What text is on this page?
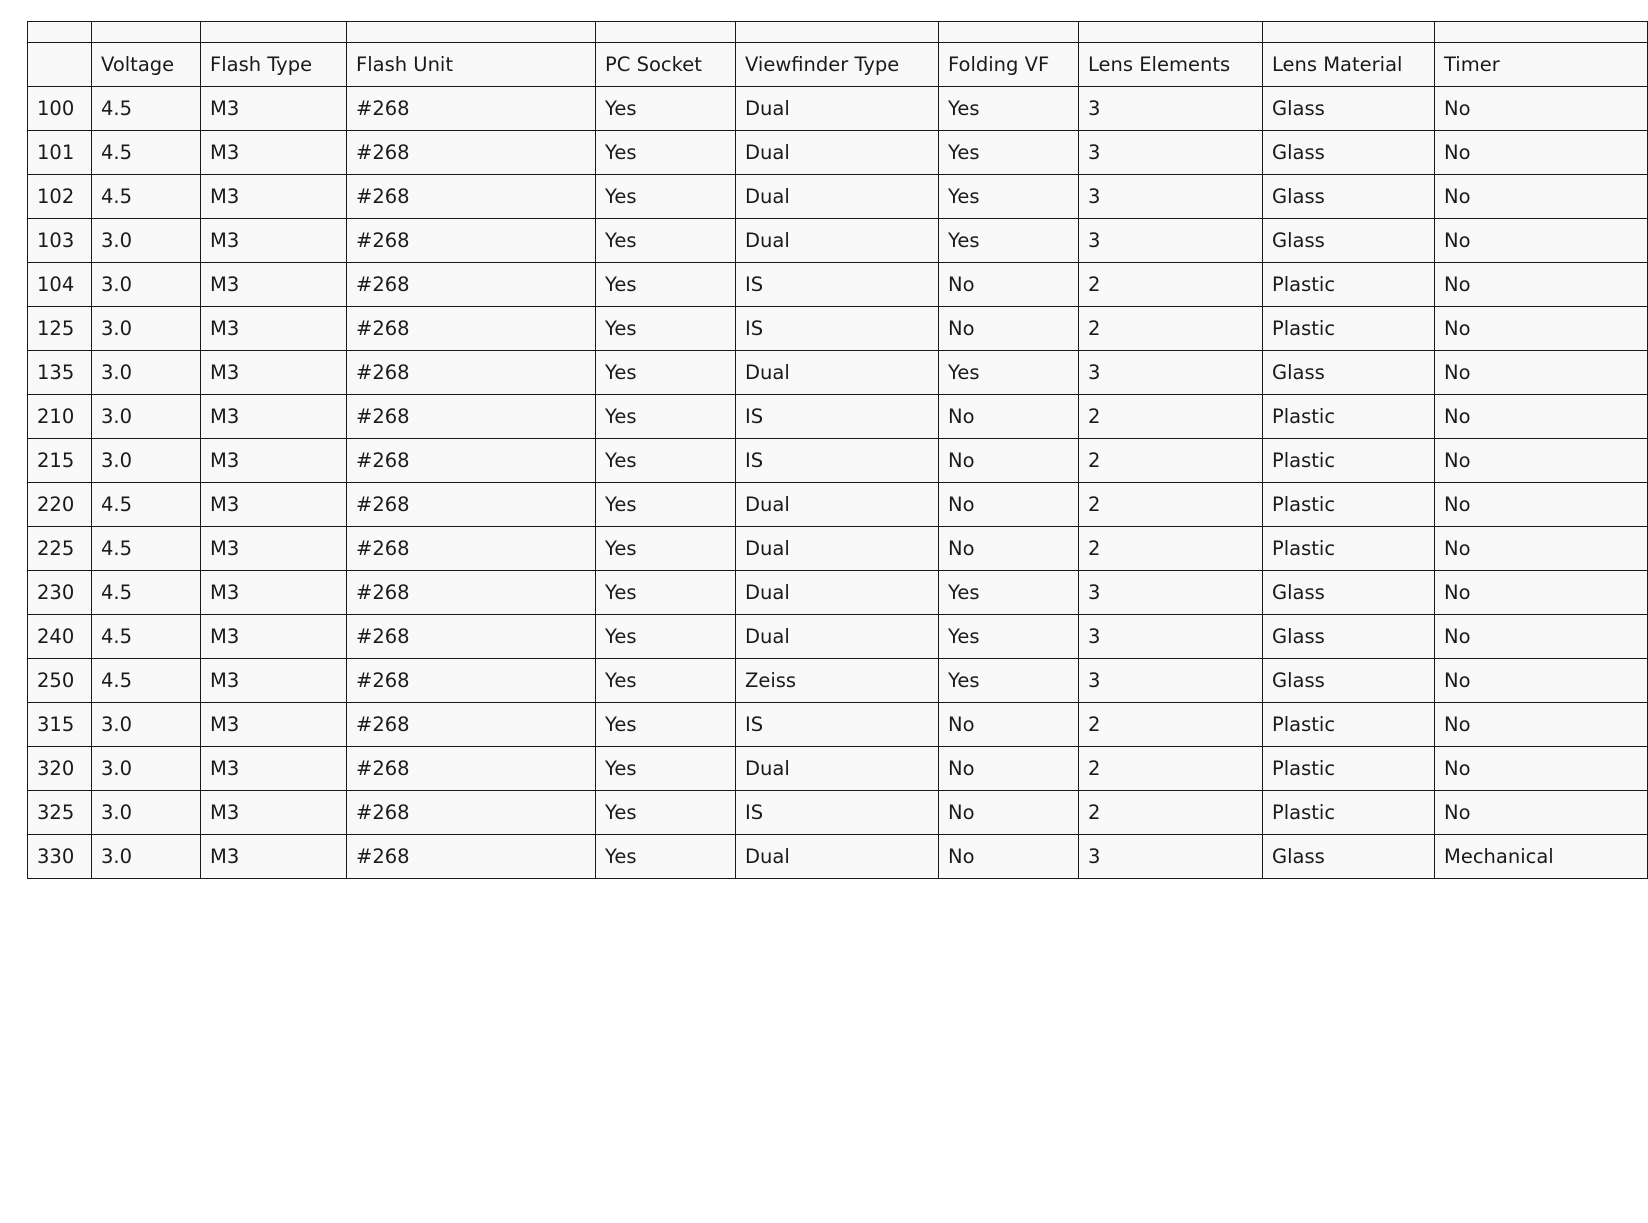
	Voltage	Flash Type	Flash Unit	PC Socket	Viewfinder Type	Folding VF	Lens Elements	Lens Material	Timer
100	4.5	M3	#268	Yes	Dual	Yes	3	Glass	No
101	4.5	M3	#268	Yes	Dual	Yes	3	Glass	No
102	4.5	M3	#268	Yes	Dual	Yes	3	Glass	No
103	3.0	M3	#268	Yes	Dual	Yes	3	Glass	No
104	3.0	M3	#268	Yes	IS	No	2	Plastic	No
125	3.0	M3	#268	Yes	IS	No	2	Plastic	No
135	3.0	M3	#268	Yes	Dual	Yes	3	Glass	No
210	3.0	M3	#268	Yes	IS	No	2	Plastic	No
215	3.0	M3	#268	Yes	IS	No	2	Plastic	No
220	4.5	M3	#268	Yes	Dual	No	2	Plastic	No
225	4.5	M3	#268	Yes	Dual	No	2	Plastic	No
230	4.5	M3	#268	Yes	Dual	Yes	3	Glass	No
240	4.5	M3	#268	Yes	Dual	Yes	3	Glass	No
250	4.5	M3	#268	Yes	Zeiss	Yes	3	Glass	No
315	3.0	M3	#268	Yes	IS	No	2	Plastic	No
320	3.0	M3	#268	Yes	Dual	No	2	Plastic	No
325	3.0	M3	#268	Yes	IS	No	2	Plastic	No
330	3.0	M3	#268	Yes	Dual	No	3	Glass	Mechanical
